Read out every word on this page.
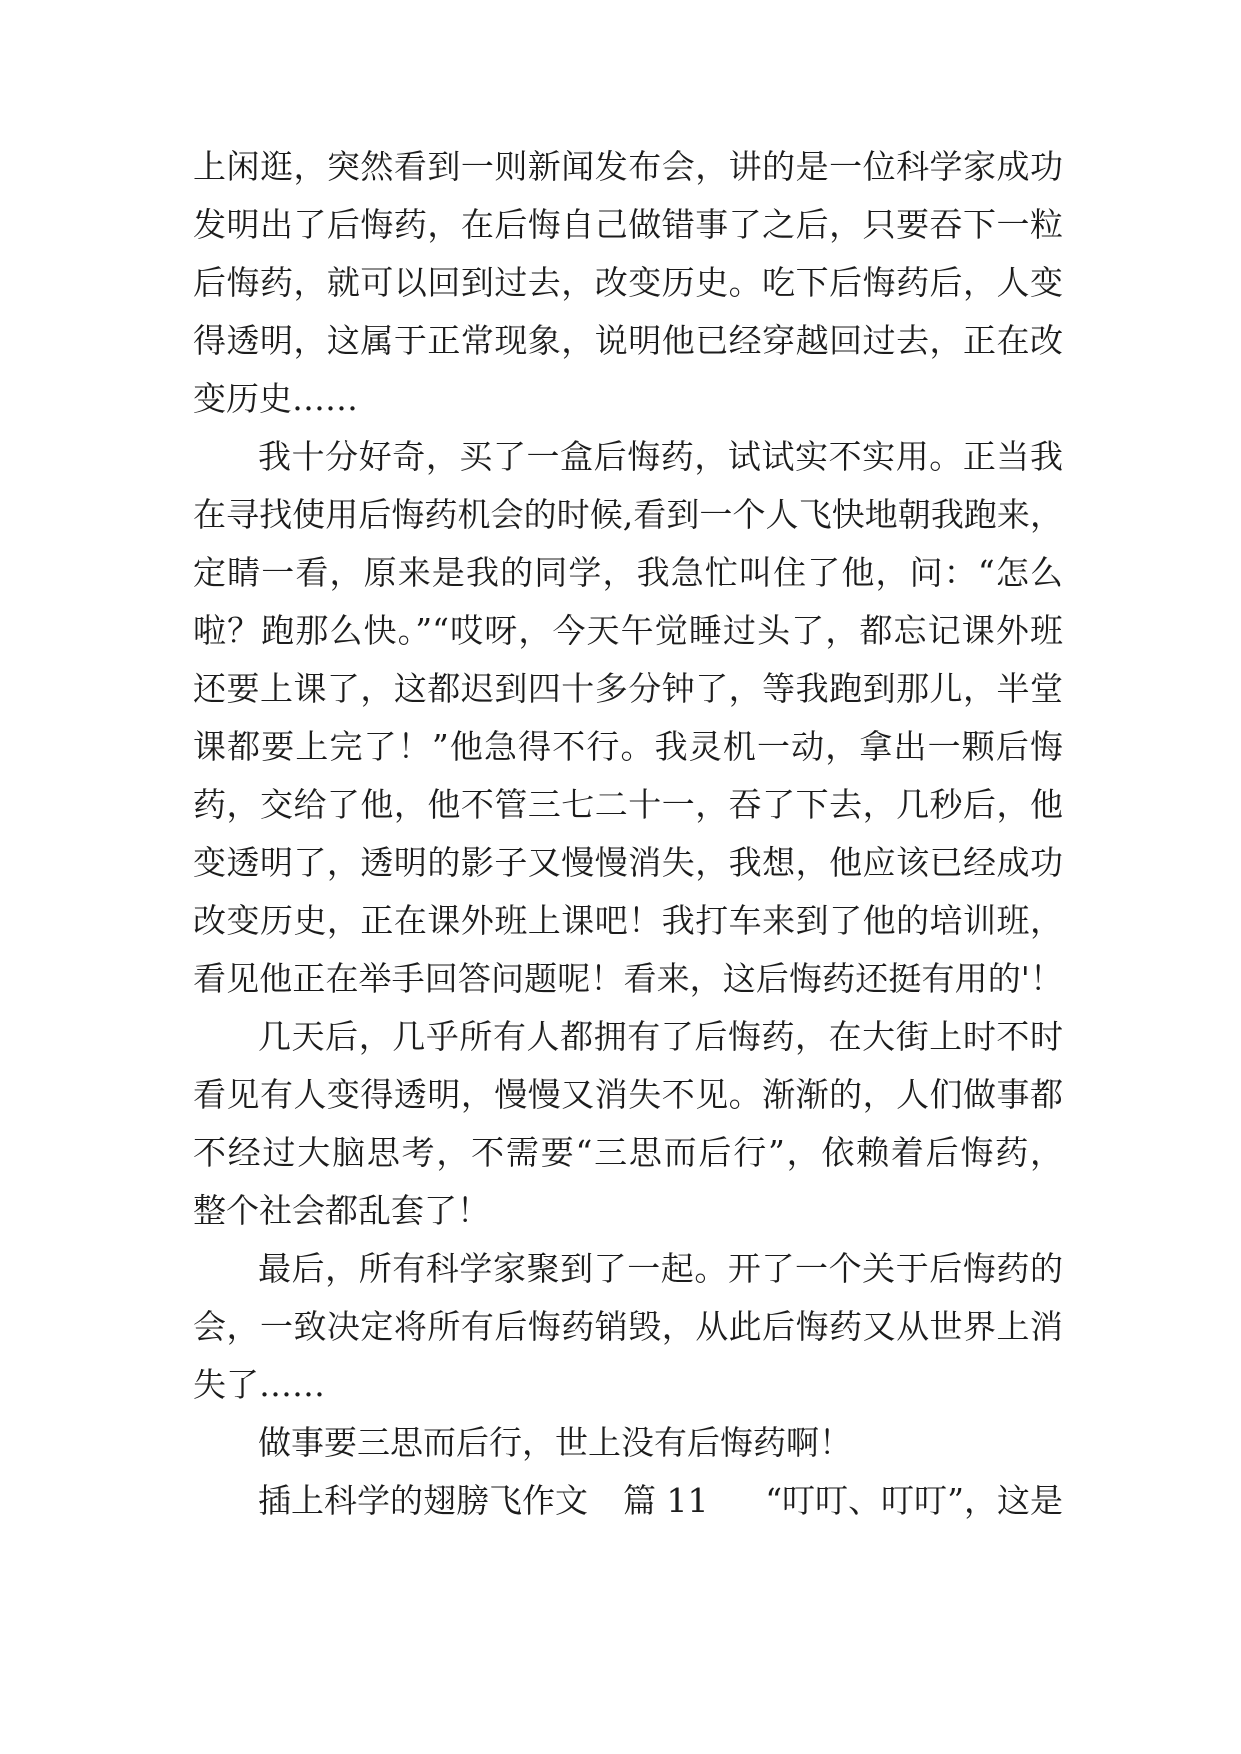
上闲逛，突然看到一则新闻发布会，讲的是一位科学家成功
发明出了后悔药，在后悔自己做错事了之后，只要吞下一粒
后悔药，就可以回到过去，改变历史。吃下后悔药后，人变
得透明，这属于正常现象，说明他已经穿越回过去，正在改
变历史……
我十分好奇，买了一盒后悔药，试试实不实用。正当我
在寻找使用后悔药机会的时候,看到一个人飞快地朝我跑来，
定睛一看，原来是我的同学，我急忙叫住了他，问：“怎么
啦？跑那么快。”“哎呀，今天午觉睡过头了，都忘记课外班
还要上课了，这都迟到四十多分钟了，等我跑到那儿，半堂
课都要上完了！”他急得不行。我灵机一动，拿出一颗后悔
药，交给了他，他不管三七二十一，吞了下去，几秒后，他
变透明了，透明的影子又慢慢消失，我想，他应该已经成功
改变历史，正在课外班上课吧！我打车来到了他的培训班，
看见他正在举手回答问题呢！看来，这后悔药还挺有用的'！
几天后，几乎所有人都拥有了后悔药，在大街上时不时
看见有人变得透明，慢慢又消失不见。渐渐的，人们做事都
不经过大脑思考，不需要“三思而后行”，依赖着后悔药，
整个社会都乱套了！
最后，所有科学家聚到了一起。开了一个关于后悔药的
会，一致决定将所有后悔药销毁，从此后悔药又从世界上消
失了……
做事要三思而后行，世上没有后悔药啊！
插上科学的翅膀飞作文 篇 11 “叮叮、叮叮”，这是
